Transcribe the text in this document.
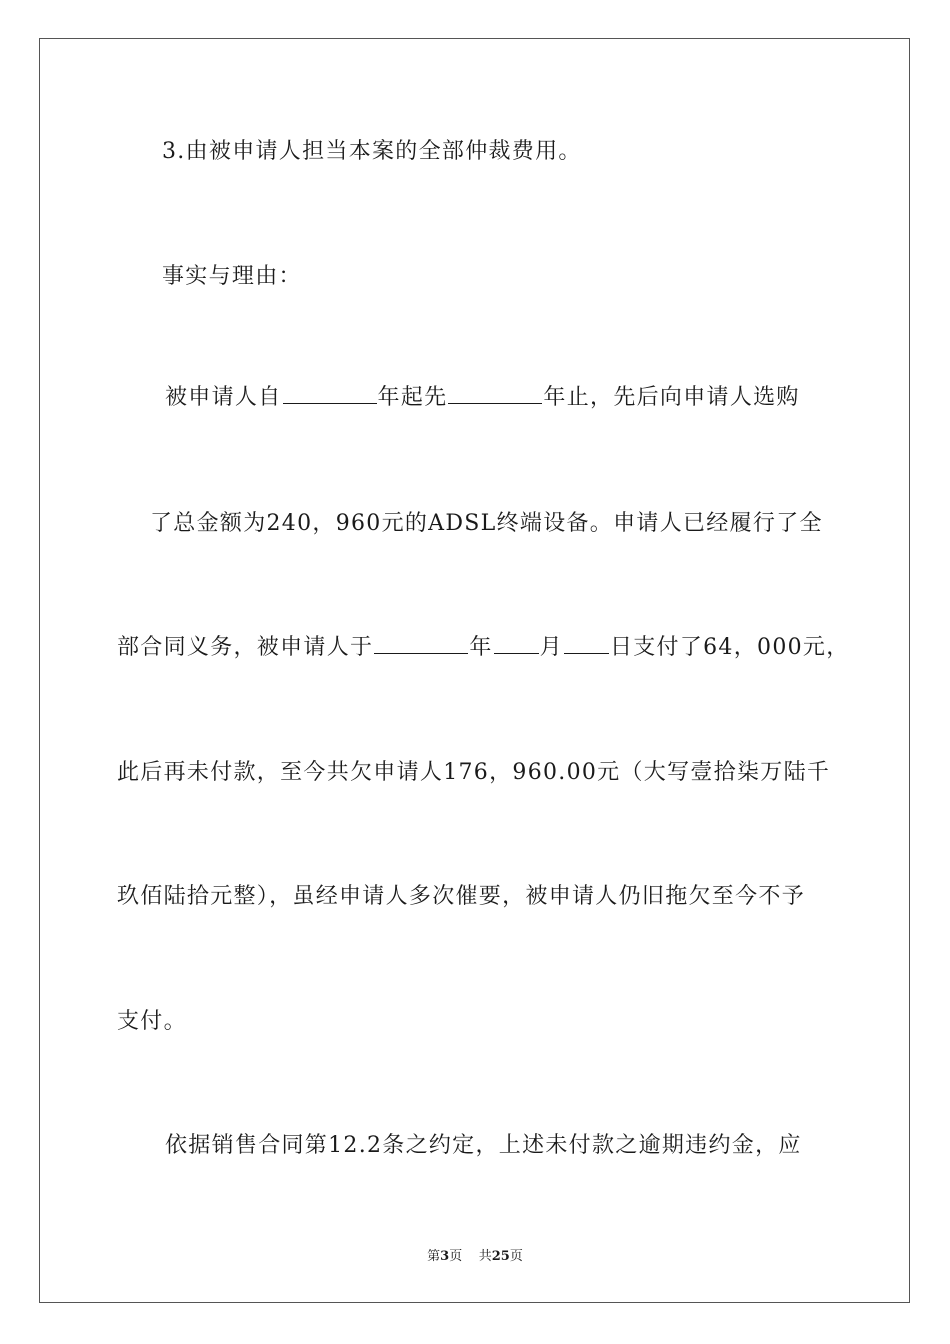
3.由被申请人担当本案的全部仲裁费用。
事实与理由：
被申请人自	年起先	年止，先后向申请人选购
了总金额为240，960元的ADSL终端设备。申请人已经履行了全
部合同义务，被申请人于	年 月 日支付了64，000元，
此后再未付款，至今共欠申请人176，960.00元（大写壹拾柒万陆千
玖佰陆拾元整），虽经申请人多次催要，被申请人仍旧拖欠至今不予
支付。
依据销售合同第12.2条之约定，上述未付款之逾期违约金，应
第3页 共25页
